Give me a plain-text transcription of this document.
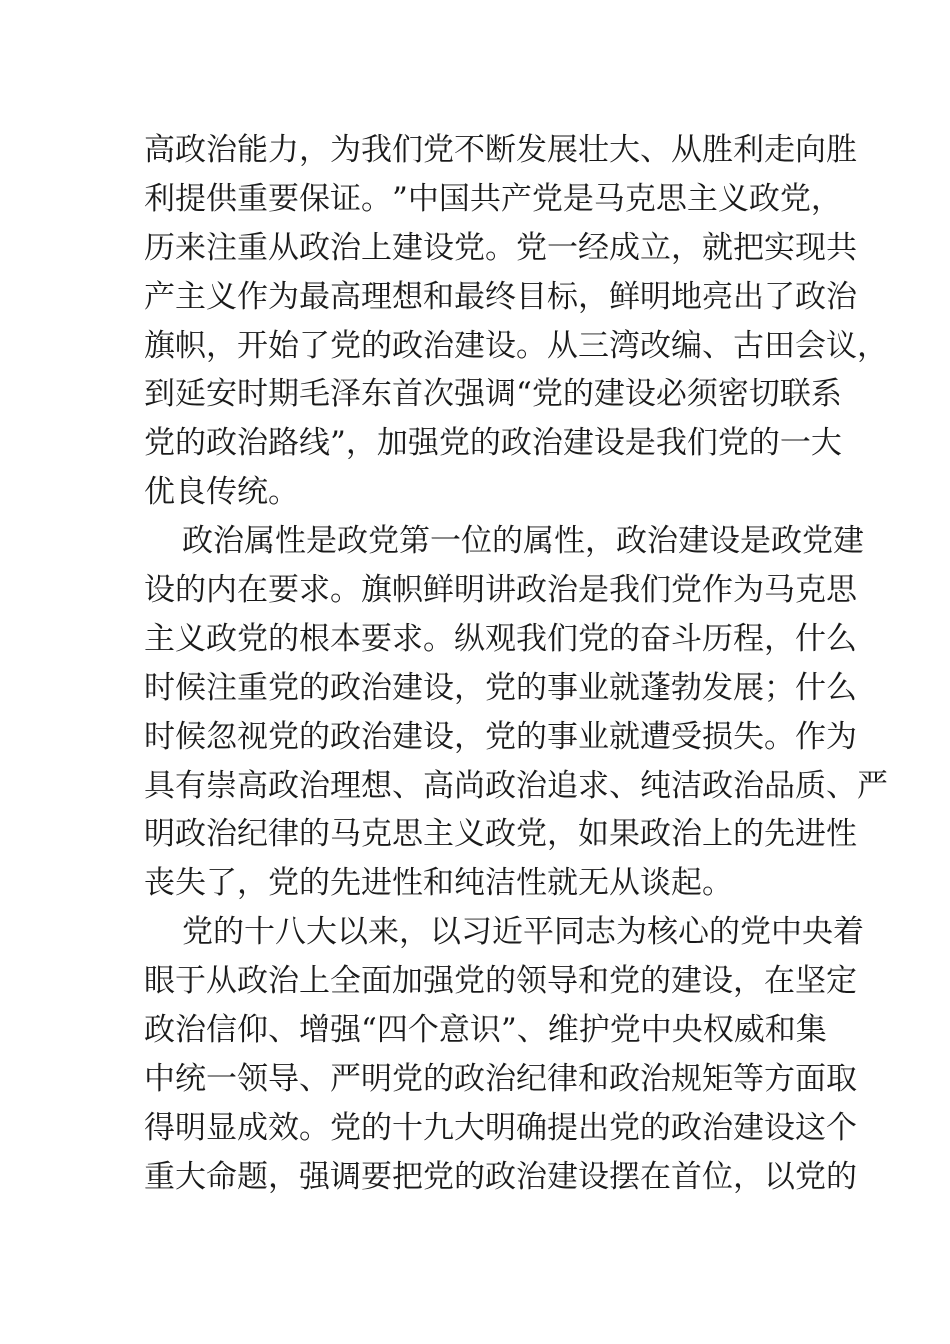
高 政 治 能 力 ， 为 我 们 党 不 断 发 展 壮 大 、 从 胜 利 走 向 胜
利 提 供 重 要 保 证 。 ” 中 国 共 产 党 是 马 克 思 主 义 政 党 ，
历 来 注 重 从 政 治 上 建 设 党 。 党 一 经 成 立 ， 就 把 实 现 共
产 主 义 作 为 最 高 理 想 和 最 终 目 标 ， 鲜 明 地 亮 出 了 政 治
旗 帜 ， 开 始 了 党 的 政 治 建 设 。 从 三 湾 改 编 、 古 田 会 议 ，
到 延 安 时 期 毛 泽 东 首 次 强 调 “ 党 的 建 设 必 须 密 切 联 系
党 的 政 治 路 线 ” ， 加 强 党 的 政 治 建 设 是 我 们 党 的 一 大
优良传统。
政 治 属 性 是 政 党 第 一 位 的 属 性 ， 政 治 建 设 是 政 党 建
设 的 内 在 要 求 。 旗 帜 鲜 明 讲 政 治 是 我 们 党 作 为 马 克 思
主 义 政 党 的 根 本 要 求 。 纵 观 我 们 党 的 奋 斗 历 程 ， 什 么
时 候 注 重 党 的 政 治 建 设 ， 党 的 事 业 就 蓬 勃 发 展 ； 什 么
时 候 忽 视 党 的 政 治 建 设 ， 党 的 事 业 就 遭 受 损 失 。 作 为
具 有 崇 高 政 治 理 想 、 高 尚 政 治 追 求 、 纯 洁 政 治 品 质 、 严
明 政 治 纪 律 的 马 克 思 主 义 政 党 ， 如 果 政 治 上 的 先 进 性
丧失了，党的先进性和纯洁性就无从谈起。
党 的 十 八 大 以 来 ， 以 习 近 平 同 志 为 核 心 的 党 中 央 着
眼 于 从 政 治 上 全 面 加 强 党 的 领 导 和 党 的 建 设 ， 在 坚 定
政 治 信 仰 、 增 强 “ 四 个 意 识 ” 、 维 护 党 中 央 权 威 和 集
中 统 一 领 导 、 严 明 党 的 政 治 纪 律 和 政 治 规 矩 等 方 面 取
得 明 显 成 效 。 党 的 十 九 大 明 确 提 出 党 的 政 治 建 设 这 个
重 大 命 题 ， 强 调 要 把 党 的 政 治 建 设 摆 在 首 位 ， 以 党 的
